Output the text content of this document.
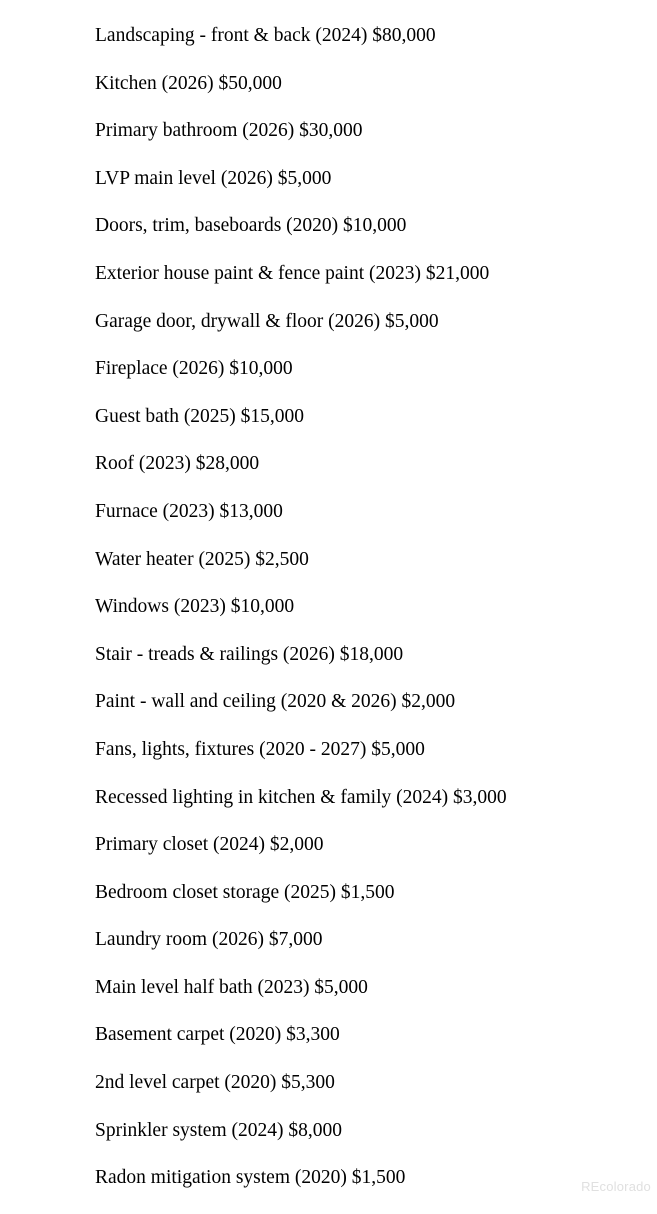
Landscaping - front & back (2024) $80,000
Kitchen (2026) $50,000
Primary bathroom (2026) $30,000
LVP main level (2026) $5,000
Doors, trim, baseboards (2020) $10,000
Exterior house paint & fence paint (2023) $21,000
Garage door, drywall & floor (2026) $5,000
Fireplace (2026) $10,000
Guest bath (2025) $15,000
Roof (2023) $28,000
Furnace (2023) $13,000
Water heater (2025) $2,500
Windows (2023) $10,000
Stair - treads & railings (2026) $18,000
Paint - wall and ceiling (2020 & 2026) $2,000
Fans, lights, fixtures (2020 - 2027) $5,000
Recessed lighting in kitchen & family (2024) $3,000
Primary closet (2024) $2,000
Bedroom closet storage (2025) $1,500
Laundry room (2026) $7,000
Main level half bath (2023) $5,000
Basement carpet (2020) $3,300
2nd level carpet (2020) $5,300
Sprinkler system (2024) $8,000
Radon mitigation system (2020) $1,500	REcolorado
